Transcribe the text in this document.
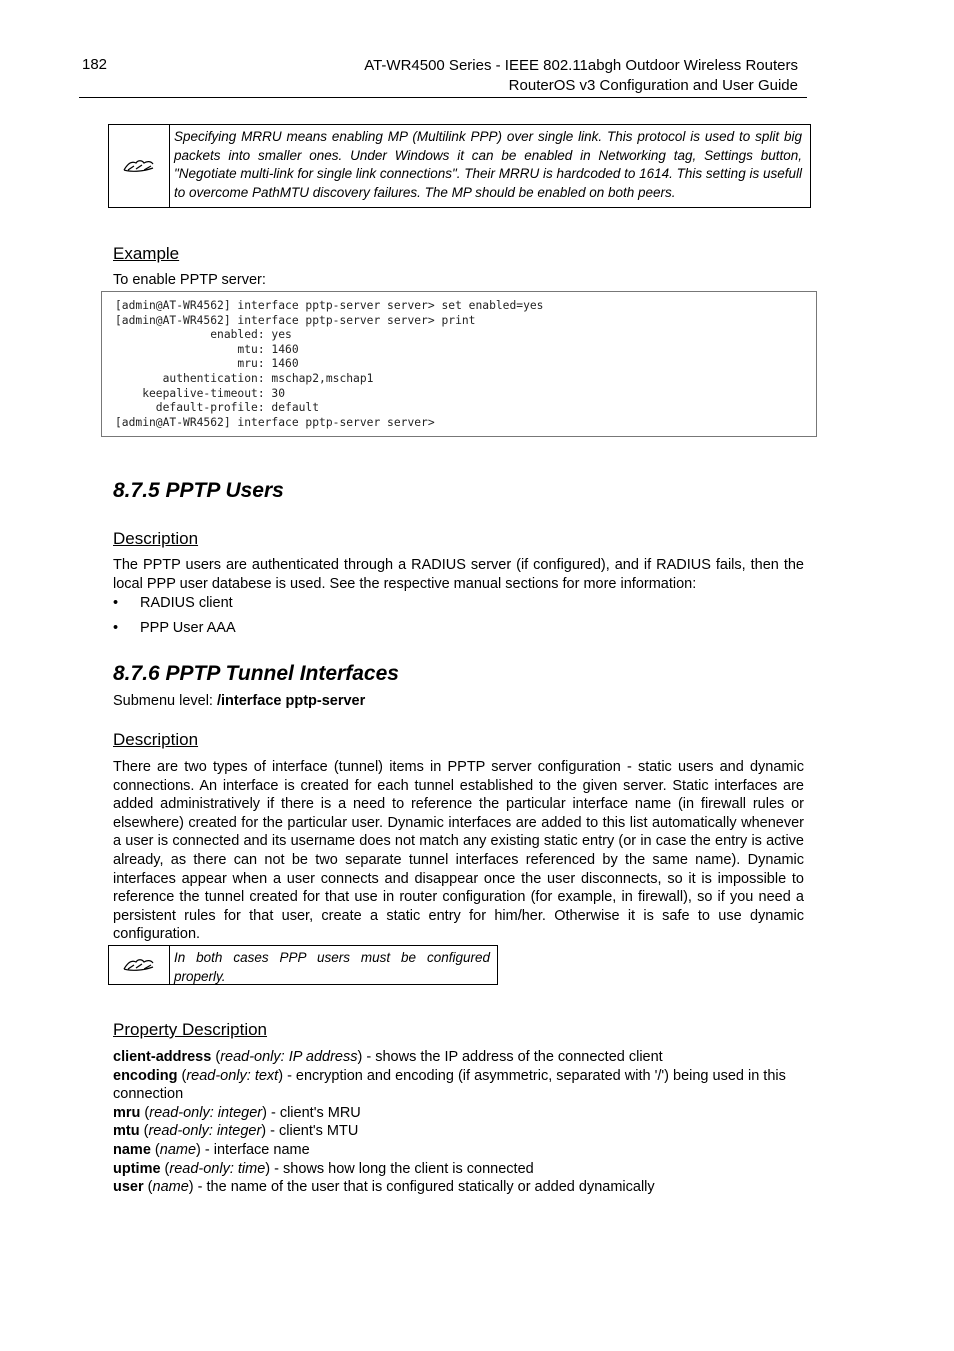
182	AT-WR4500 Series - IEEE 802.11abgh Outdoor Wireless Routers
RouterOS v3 Configuration and User Guide
Specifying MRRU means enabling MP (Multilink PPP) over single link. This protocol is used to split big packets into smaller ones. Under Windows it can be enabled in Networking tag, Settings button, "Negotiate multi-link for single link connections". Their MRRU is hardcoded to 1614. This setting is usefull to overcome PathMTU discovery failures. The MP should be enabled on both peers.
Example
To enable PPTP server:
[admin@AT-WR4562] interface pptp-server server> set enabled=yes
[admin@AT-WR4562] interface pptp-server server> print
enabled: yes
mtu: 1460
mru: 1460
authentication: mschap2,mschap1
keepalive-timeout: 30
default-profile: default
[admin@AT-WR4562] interface pptp-server server>
8.7.5 PPTP Users
Description
The PPTP users are authenticated through a RADIUS server (if configured), and if RADIUS fails, then the local PPP user databese is used. See the respective manual sections for more information:
• RADIUS client
• PPP User AAA
8.7.6 PPTP Tunnel Interfaces
Submenu level: /interface pptp-server
Description
There are two types of interface (tunnel) items in PPTP server configuration - static users and dynamic connections. An interface is created for each tunnel established to the given server. Static interfaces are added administratively if there is a need to reference the particular interface name (in firewall rules or elsewhere) created for the particular user. Dynamic interfaces are added to this list automatically whenever a user is connected and its username does not match any existing static entry (or in case the entry is active already, as there can not be two separate tunnel interfaces referenced by the same name). Dynamic interfaces appear when a user connects and disappear once the user disconnects, so it is impossible to reference the tunnel created for that use in router configuration (for example, in firewall), so if you need a persistent rules for that user, create a static entry for him/her. Otherwise it is safe to use dynamic configuration.
In both cases PPP users must be configured properly.
Property Description
client-address (read-only: IP address) - shows the IP address of the connected client
encoding (read-only: text) - encryption and encoding (if asymmetric, separated with '/') being used in this connection
mru (read-only: integer) - client's MRU
mtu (read-only: integer) - client's MTU
name (name) - interface name
uptime (read-only: time) - shows how long the client is connected
user (name) - the name of the user that is configured statically or added dynamically
